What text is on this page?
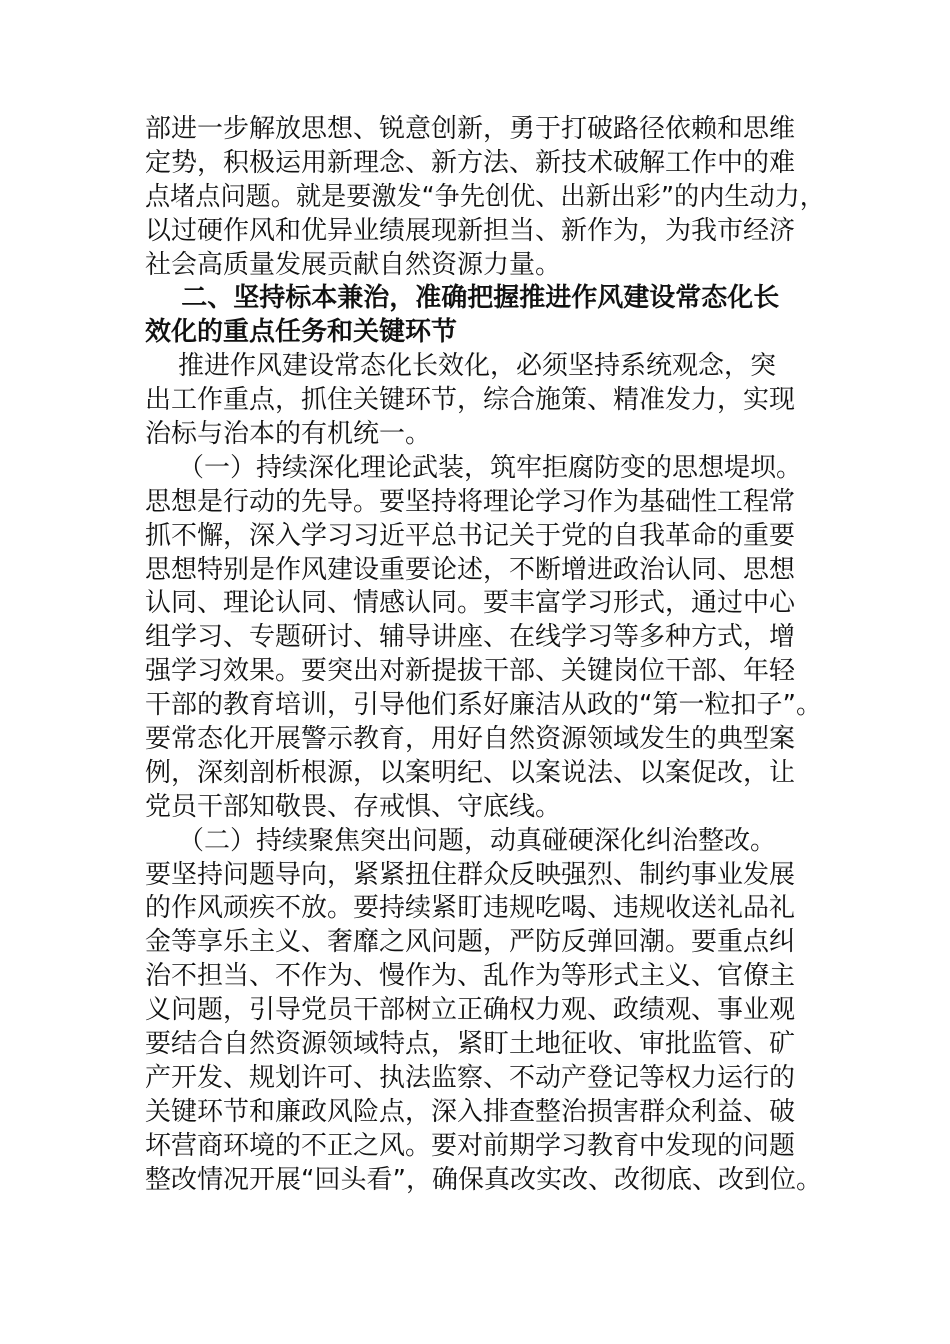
部进一步解放思想、锐意创新，勇于打破路径依赖和思维
定势，积极运用新理念、新方法、新技术破解工作中的难
点堵点问题。就是要激发“争先创优、出新出彩”的内生动力，
以过硬作风和优异业绩展现新担当、新作为，为我市经济
社会高质量发展贡献自然资源力量。
二、坚持标本兼治，准确把握推进作风建设常态化长
效化的重点任务和关键环节
推进作风建设常态化长效化，必须坚持系统观念，突
出工作重点，抓住关键环节，综合施策、精准发力，实现
治标与治本的有机统一。
（一）持续深化理论武装，筑牢拒腐防变的思想堤坝。
思想是行动的先导。要坚持将理论学习作为基础性工程常
抓不懈，深入学习习近平总书记关于党的自我革命的重要
思想特别是作风建设重要论述，不断增进政治认同、思想
认同、理论认同、情感认同。要丰富学习形式，通过中心
组学习、专题研讨、辅导讲座、在线学习等多种方式，增
强学习效果。要突出对新提拔干部、关键岗位干部、年轻
干部的教育培训，引导他们系好廉洁从政的“第一粒扣子”。
要常态化开展警示教育，用好自然资源领域发生的典型案
例，深刻剖析根源，以案明纪、以案说法、以案促改，让
党员干部知敬畏、存戒惧、守底线。
（二）持续聚焦突出问题，动真碰硬深化纠治整改。
要坚持问题导向，紧紧扭住群众反映强烈、制约事业发展
的作风顽疾不放。要持续紧盯违规吃喝、违规收送礼品礼
金等享乐主义、奢靡之风问题，严防反弹回潮。要重点纠
治不担当、不作为、慢作为、乱作为等形式主义、官僚主
义问题，引导党员干部树立正确权力观、政绩观、事业观
要结合自然资源领域特点，紧盯土地征收、审批监管、矿
产开发、规划许可、执法监察、不动产登记等权力运行的
关键环节和廉政风险点，深入排查整治损害群众利益、破
坏营商环境的不正之风。要对前期学习教育中发现的问题
整改情况开展“回头看”，确保真改实改、改彻底、改到位。
